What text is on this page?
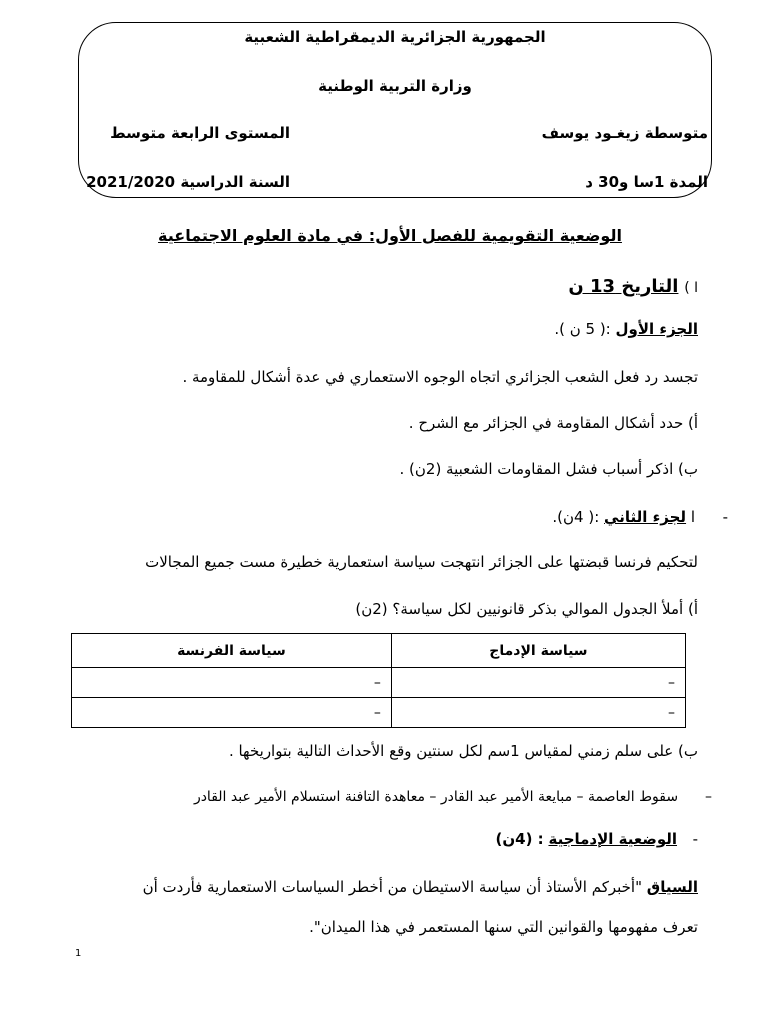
الجمهورية الجزائرية الديمقراطية الشعبية
وزارة التربية الوطنية
متوسطة زيغـود يوسف
المستوى الرابعة متوسط
المدة 1سا و30 د
السنة الدراسية 2021/2020
الوضعية التقويمية للفصل الأول: في مادة العلوم الاجتماعية
ا ) التاريخ 13 ن
الجزء الأول :( 5 ن ).
تجسد رد فعل الشعب الجزائري اتجاه الوجوه الاستعماري في عدة أشكال للمقاومة .
أ) حدد أشكال المقاومة في الجزائر مع الشرح .
ب) اذكر أسباب فشل المقاومات الشعبية (2ن) .
-  ا لجزء الثاني :( 4ن).
لتحكيم فرنسا قبضتها على الجزائر انتهجت سياسة استعمارية خطيرة مست جميع المجالات
أ) أملأ الجدول الموالي بذكر قانونيين لكل سياسة؟ (2ن)
سياسة الإدماج	سياسة الفرنسة
–	–
–	–
ب) على سلم زمني لمقياس 1سم لكل سنتين وقع الأحداث التالية بتواريخها .
–  سقوط العاصمة – مبايعة الأمير عبد القادر – معاهدة التافنة استسلام الأمير عبد القادر
-  الوضعية الإدماجية : (4ن)
السياق "أخبركم الأستاذ أن سياسة الاستيطان من أخطر السياسات الاستعمارية فأردت أن
تعرف مفهومها والقوانين التي سنها المستعمر في هذا الميدان".
1
